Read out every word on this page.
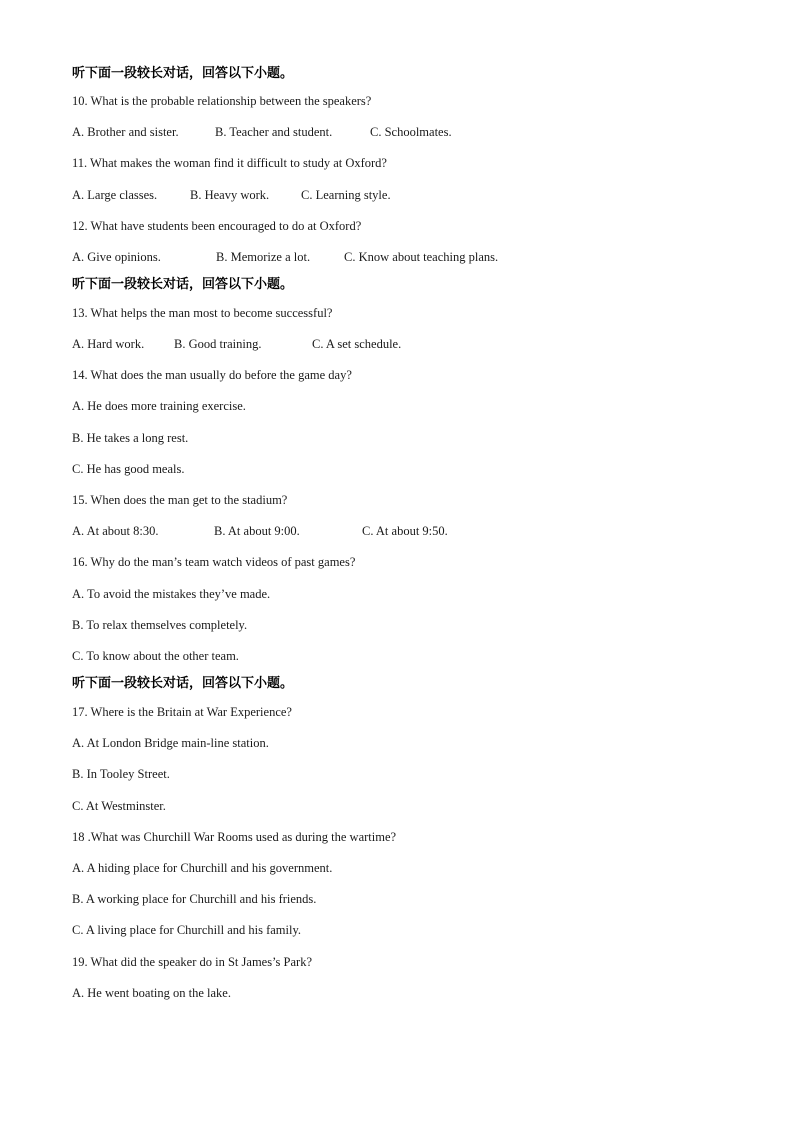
听下面一段较长对话，回答以下小题。
10. What is the probable relationship between the speakers?
A. Brother and sister.	B. Teacher and student.	C. Schoolmates.
11. What makes the woman find it difficult to study at Oxford?
A. Large classes.	B. Heavy work.	C. Learning style.
12. What have students been encouraged to do at Oxford?
A. Give opinions.	B. Memorize a lot.	C. Know about teaching plans.
听下面一段较长对话，回答以下小题。
13. What helps the man most to become successful?
A. Hard work. B. Good training.	C. A set schedule.
14. What does the man usually do before the game day?
A. He does more training exercise.
B. He takes a long rest.
C. He has good meals.
15. When does the man get to the stadium?
A. At about 8:30.	B. At about 9:00.	C. At about 9:50.
16. Why do the man’s team watch videos of past games?
A. To avoid the mistakes they’ve made.
B. To relax themselves completely.
C. To know about the other team.
听下面一段较长对话，回答以下小题。
17. Where is the Britain at War Experience?
A. At London Bridge main-line station.
B. In Tooley Street.
C. At Westminster.
18 .What was Churchill War Rooms used as during the wartime?
A. A hiding place for Churchill and his government.
B. A working place for Churchill and his friends.
C. A living place for Churchill and his family.
19. What did the speaker do in St James’s Park?
A. He went boating on the lake.
